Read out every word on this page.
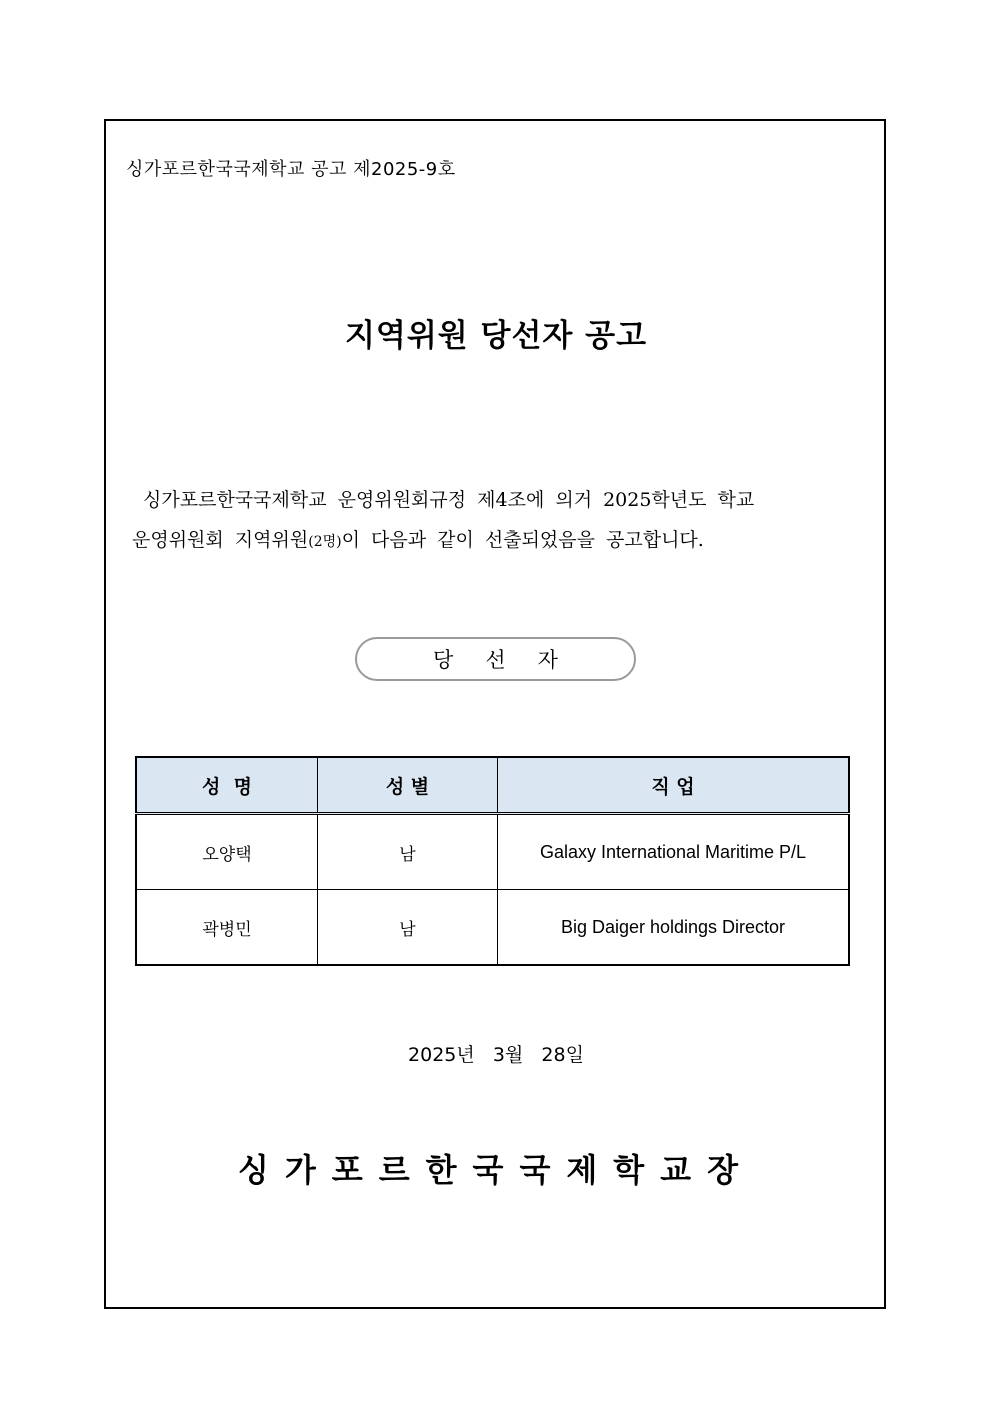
싱가포르한국국제학교 공고 제2025-9호
지역위원 당선자 공고
싱가포르한국국제학교 운영위원회규정 제4조에 의거 2025학년도 학교
운영위원회 지역위원(2명)이 다음과 같이 선출되었음을 공고합니다.
당 선 자
성  명	성 별	직 업
오양택	남	Galaxy International Maritime P/L
곽병민	남	Big Daiger holdings Director
2025년   3월   28일
싱가포르한국국제학교장
